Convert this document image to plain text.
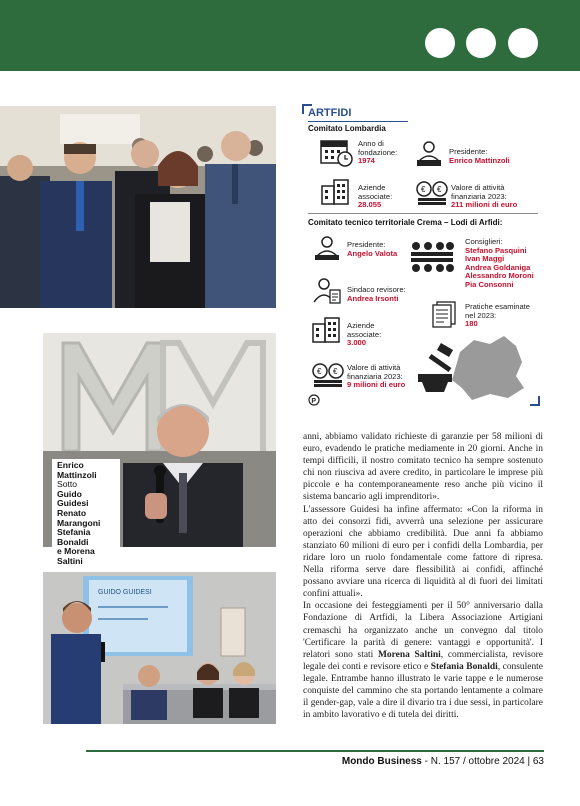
Enrico
Mattinzoli
Sotto
Guido
Guidesi
Renato
Marangoni
Stefania
Bonaldi
e Morena
Saltini
GUIDO GUIDESI
ARTFIDI
Comitato Lombardia
Anno di fondazione:
1974
Presidente:
Enrico Mattinzoli
Aziende associate:
28.055
€ € Valore di attività finanziaria 2023:
211 milioni di euro
Comitato tecnico territoriale Crema – Lodi di Arfidi:
Presidente:
Angelo Valota
Consiglieri:
Stefano Pasquini
Ivan Maggi
Andrea Goldaniga
Alessandro Moroni
Pia Consonni
Sindaco revisore:
Andrea Irsonti
Pratiche esaminate nel 2023:
180
Aziende associate:
3.000
€ € Valore di attività finanziaria 2023:
9 milioni di euro
P

anni, abbiamo validato richieste di garanzie per 58 milioni di euro, evadendo le pratiche mediamente in 20 giorni. Anche in tempi difficili, il nostro comitato tecnico ha sempre sostenuto chi non riusciva ad avere credito, in particolare le imprese più piccole e ha contemporaneamente reso anche più vicino il sistema bancario agli imprenditori».

L'assessore Guidesi ha infine affermato: «Con la riforma in atto dei consorzi fidi, avverrà una selezione per assicurare operazioni che abbiamo credibilità. Due anni fa abbiamo stanziato 60 milioni di euro per i confidi della Lombardia, per ridare loro un ruolo fondamentale come fattore di ripresa. Nella riforma serve dare flessibilità ai confidi, affinché possano avviare una ricerca di liquidità al di fuori dei limitati confini attuali».

In occasione dei festeggiamenti per il 50° anniversario dalla Fondazione di Artfidi, la Libera Associazione Artigiani cremaschi ha organizzato anche un convegno dal titolo 'Certificare la parità di genere: vantaggi e opportunità'. I relatori sono stati Morena Saltini, commercialista, revisore legale dei conti e revisore etico e Stefania Bonaldi, consulente legale. Entrambe hanno illustrato le varie tappe e le numerose conquiste del cammino che sta portando lentamente a colmare il gender-gap, vale a dire il divario tra i due sessi, in particolare in ambito lavorativo e di tutela dei diritti.

Mondo Business - N. 157 / ottobre 2024 | 63
